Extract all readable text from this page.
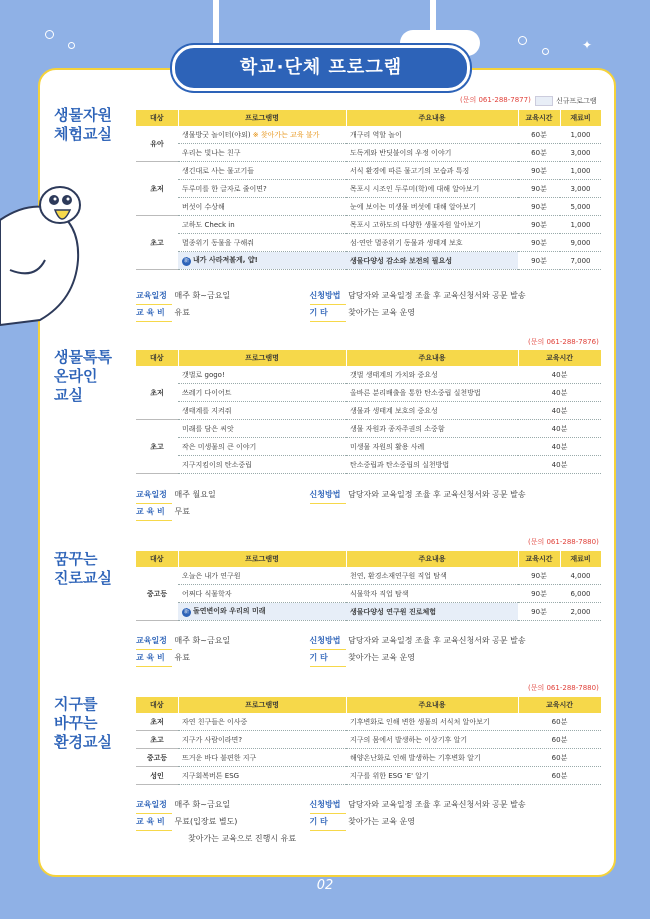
✦
학교·단체 프로그램
(문의 061-288-7877)	신규프로그램
생물자원
체험교실
대상	프로그램명	주요내용	교육시간	재료비
유아	생물방굿 놀이터(야외) ※ 찾아가는 교육 불가	개구리 역할 놀이	60분	1,000
	우리는 빛나는 친구	도독게와 반딧불이의 우정 이야기	60분	3,000
초저	생긴대로 사는 물고기들	서식 환경에 따른 물고기의 모습과 특징	90분	1,000
	두루미를 한 글자로 줄이면?	목포시 시조인 두루미(학)에 대해 알아보기	90분	3,000
	버섯이 수상해	눈에 보이는 미생물 버섯에 대해 알아보기	90분	5,000
초고	고하도 Check in	목포시 고하도의 다양한 생물자원 알아보기	90분	1,000
	멸종위기 동물을 구해줘	섬·연안 멸종위기 동물과 생태계 보호	90분	9,000
	新 내가 사라져볼게, 얍!	생물다양성 감소와 보전의 필요성	90분	7,000
교육일정 매주 화~금요일	신청방법 담당자와 교육일정 조율 후 교육신청서와 공문 발송
교 육 비 유료	기 타	찾아가는 교육 운영
(문의 061-288-7876)
생물톡톡
온라인
교실
대상	프로그램명	주요내용	교육시간
초저	갯벌로 gogo!	갯벌 생태계의 가치와 중요성	40분
	쓰레기 다이어트	올바른 분리배출을 통한 탄소중립 실천방법	40분
	생태계를 지켜줘	생물과 생태계 보호의 중요성	40분
초고	미래를 담은 씨앗	생물 자원과 종자주권의 소중함	40분
	작은 미생물의 큰 이야기	미생물 자원의 활용 사례	40분
	지구지킴이의 탄소중립	탄소중립과 탄소중립의 실천방법	40분
교육일정 매주 월요일	신청방법 담당자와 교육일정 조율 후 교육신청서와 공문 발송
교 육 비 무료
(문의 061-288-7880)
꿈꾸는
진로교실
대상	프로그램명	주요내용	교육시간	재료비
중고등	오늘은 내가 연구원	천연, 환경소재연구원 직업 탐색	90분	4,000
	어쩌다 식물학자	식물학자 직업 탐색	90분	6,000
	新 돌연변이와 우리의 미래	생물다양성 연구원 진로체험	90분	2,000
교육일정 매주 화~금요일	신청방법 담당자와 교육일정 조율 후 교육신청서와 공문 발송
교 육 비 유료	기 타	찾아가는 교육 운영
(문의 061-288-7880)
지구를
바꾸는
환경교실
대상	프로그램명	주요내용	교육시간
초저	자연 친구들은 이사중	기후변화로 인해 변한 생물의 서식처 알아보기	60분
초고	지구가 사람이라면?	지구의 몸에서 발생하는 이상기후 알기	60분
중고등	뜨거운 바다 불편한 지구	해양온난화로 인해 발생하는 기후변화 알기	60분
성인	지구회복버튼 ESG	지구를 위한 ESG 'E' 알기	60분
교육일정 매주 화~금요일	신청방법 담당자와 교육일정 조율 후 교육신청서와 공문 발송
교 육 비 무료(입장료 별도)	기 타	찾아가는 교육 운영
찾아가는 교육으로 진행시 유료
02
